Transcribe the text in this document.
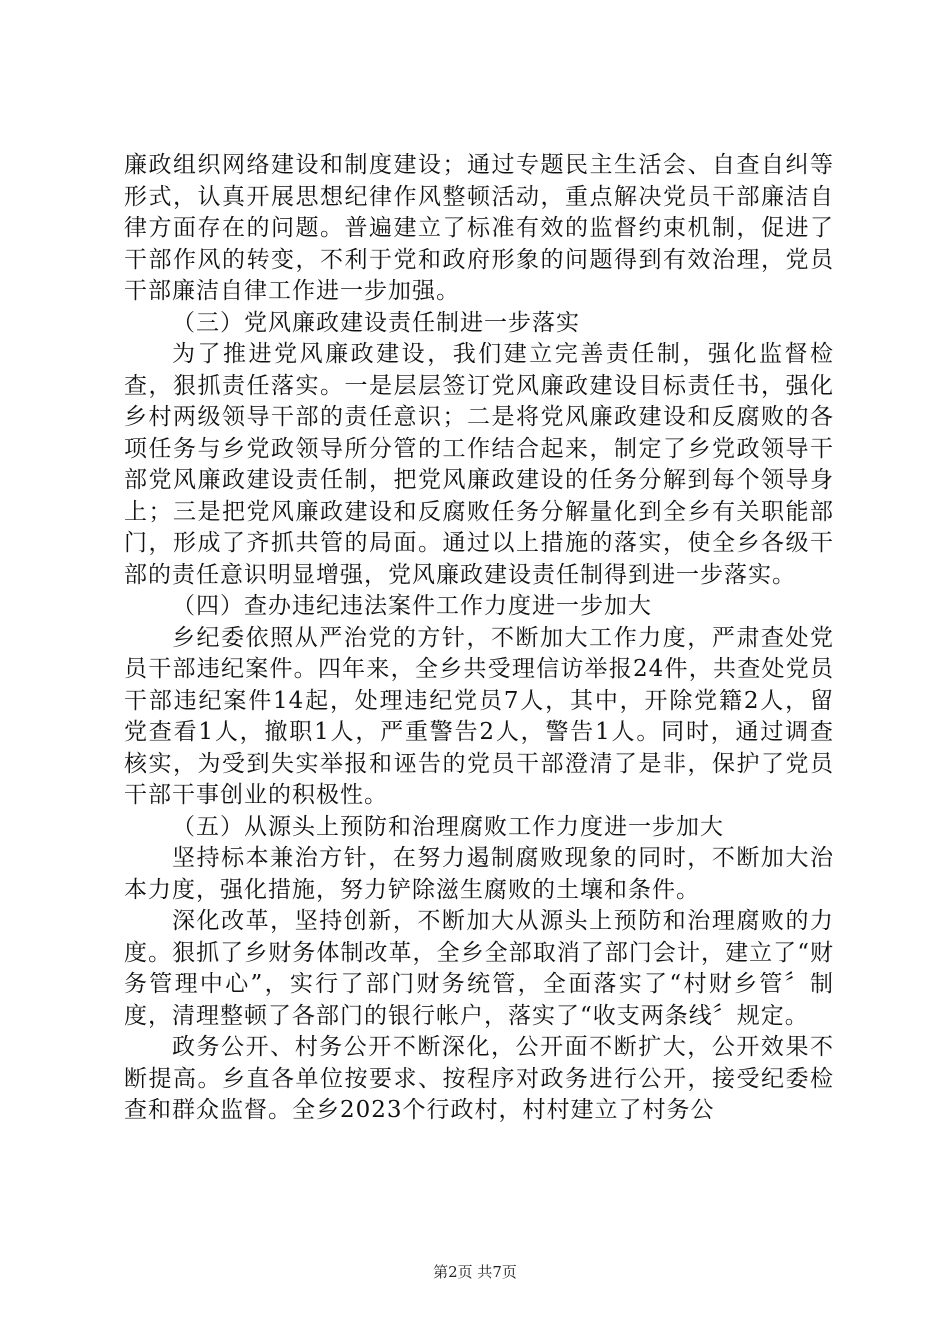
廉政组织网络建设和制度建设；通过专题民主生活会、自查自纠等形式，认真开展思想纪律作风整顿活动，重点解决党员干部廉洁自律方面存在的问题。普遍建立了标准有效的监督约束机制，促进了干部作风的转变，不利于党和政府形象的问题得到有效治理，党员干部廉洁自律工作进一步加强。

（三）党风廉政建设责任制进一步落实

为了推进党风廉政建设，我们建立完善责任制，强化监督检查，狠抓责任落实。一是层层签订党风廉政建设目标责任书，强化乡村两级领导干部的责任意识；二是将党风廉政建设和反腐败的各项任务与乡党政领导所分管的工作结合起来，制定了乡党政领导干部党风廉政建设责任制，把党风廉政建设的任务分解到每个领导身上；三是把党风廉政建设和反腐败任务分解量化到全乡有关职能部门，形成了齐抓共管的局面。通过以上措施的落实，使全乡各级干部的责任意识明显增强，党风廉政建设责任制得到进一步落实。

（四）查办违纪违法案件工作力度进一步加大

乡纪委依照从严治党的方针，不断加大工作力度，严肃查处党员干部违纪案件。四年来，全乡共受理信访举报24件，共查处党员干部违纪案件14起，处理违纪党员7人，其中，开除党籍2人，留党查看1人，撤职1人，严重警告2人，警告1人。同时，通过调查核实，为受到失实举报和诬告的党员干部澄清了是非，保护了党员干部干事创业的积极性。

（五）从源头上预防和治理腐败工作力度进一步加大

坚持标本兼治方针，在努力遏制腐败现象的同时，不断加大治本力度，强化措施，努力铲除滋生腐败的土壤和条件。

深化改革，坚持创新，不断加大从源头上预防和治理腐败的力度。狠抓了乡财务体制改革，全乡全部取消了部门会计，建立了“财务管理中心”，实行了部门财务统管，全面落实了“村财乡管〞制度，清理整顿了各部门的银行帐户，落实了“收支两条线〞规定。

政务公开、村务公开不断深化，公开面不断扩大，公开效果不断提高。乡直各单位按要求、按程序对政务进行公开，接受纪委检查和群众监督。全乡2023个行政村，村村建立了村务公

第2页 共7页
